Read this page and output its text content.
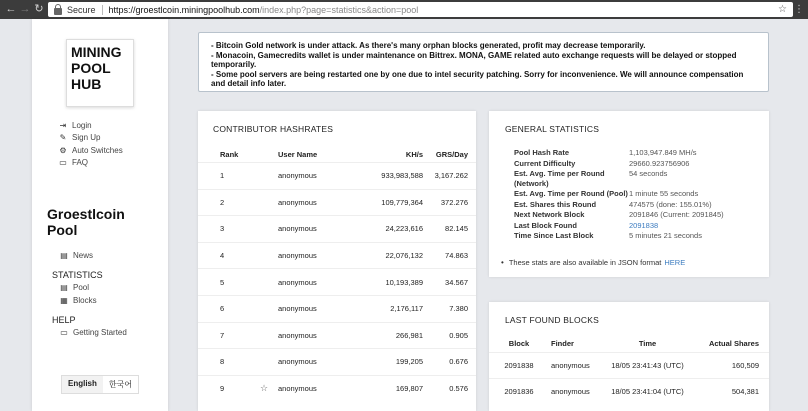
← → ↻	Secure https://groestlcoin.miningpoolhub.com /index.php?page=statistics&action=pool	☆ ⋮
MINING
POOL
HUB
⇥ Login
✎ Sign Up
⚙ Auto Switches
▭ FAQ
Groestlcoin Pool
▤ News
STATISTICS
▤ Pool
▦ Blocks
HELP
▭ Getting Started
English	한국어
- Bitcoin Gold network is under attack. As there's many orphan blocks generated, profit may decrease temporarily.
- Monacoin, Gamecredits wallet is under maintenance on Bittrex. MONA, GAME related auto exchange requests will be delayed or stopped temporarily.
- Some pool servers are being restarted one by one due to intel security patching. Sorry for inconvenience. We will announce compensation and detail info later.
CONTRIBUTOR HASHRATES
Rank	User Name	KH/s	GRS/Day
1	anonymous	933,983,588	3,167.262
2	anonymous	109,779,364	372.276
3	anonymous	24,223,616	82.145
4	anonymous	22,076,132	74.863
5	anonymous	10,193,389	34.567
6	anonymous	2,176,117	7.380
7	anonymous	266,981	0.905
8	anonymous	199,205	0.676
9	☆	anonymous	169,807	0.576
GENERAL STATISTICS
Pool Hash Rate	1,103,947.849 MH/s
Current Difficulty	29660.9237569​06
Est. Avg. Time per Round (Network)
54 seconds
Est. Avg. Time per Round (Pool) 1 minute 55 seconds
Est. Shares this Round	474575 (done: 155.01%)
Next Network Block	2091846 (Current: 2091845)
Last Block Found	2091838
Time Since Last Block	5 minutes 21 seconds
• These stats are also available in JSON format HERE
LAST FOUND BLOCKS
Block	Finder	Time	Actual Shares
2091838	anonymous	18/05 23:41:43 (UTC)	160,509
2091836	anonymous	18/05 23:41:04 (UTC)	504,381
